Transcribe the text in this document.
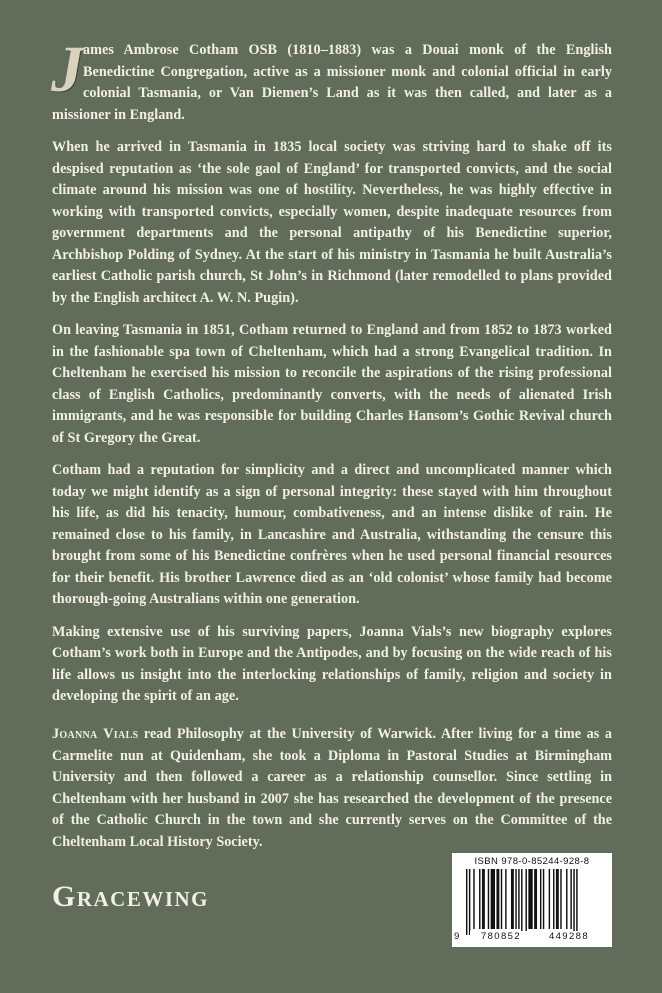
J
ames Ambrose Cotham OSB (1810–1883) was a Douai monk of the English Benedictine Congregation, active as a missioner monk and colonial official in early colonial Tasmania, or Van Diemen’s Land as it was then called, and later as a missioner in England.

When he arrived in Tasmania in 1835 local society was striving hard to shake off its despised reputation as ‘the sole gaol of England’ for transported convicts, and the social climate around his mission was one of hostility. Nevertheless, he was highly effective in working with transported convicts, especially women, despite inadequate resources from government departments and the personal antipathy of his Benedictine superior, Archbishop Polding of Sydney. At the start of his ministry in Tasmania he built Australia’s earliest Catholic parish church, St John’s in Richmond (later remodelled to plans provided by the English architect A. W. N. Pugin).

On leaving Tasmania in 1851, Cotham returned to England and from 1852 to 1873 worked in the fashionable spa town of Cheltenham, which had a strong Evangelical tradition. In Cheltenham he exercised his mission to reconcile the aspirations of the rising professional class of English Catholics, predominantly converts, with the needs of alienated Irish immigrants, and he was responsible for building Charles Hansom’s Gothic Revival church of St Gregory the Great.

Cotham had a reputation for simplicity and a direct and uncomplicated manner which today we might identify as a sign of personal integrity: these stayed with him throughout his life, as did his tenacity, humour, combativeness, and an intense dislike of rain. He remained close to his family, in Lancashire and Australia, withstanding the censure this brought from some of his Benedictine confrères when he used personal financial resources for their benefit. His brother Lawrence died as an ‘old colonist’ whose family had become thorough-going Australians within one generation.

Making extensive use of his surviving papers, Joanna Vials’s new biography explores Cotham’s work both in Europe and the Antipodes, and by focusing on the wide reach of his life allows us insight into the interlocking relationships of family, religion and society in developing the spirit of an age.

Joanna Vials read Philosophy at the University of Warwick. After living for a time as a Carmelite nun at Quidenham, she took a Diploma in Pastoral Studies at Birmingham University and then followed a career as a relationship counsellor. Since settling in Cheltenham with her husband in 2007 she has researched the development of the presence of the Catholic Church in the town and she currently serves on the Committee of the Cheltenham Local History Society.

Gracewing
ISBN 978-0-85244-928-8
9	780852	449288
